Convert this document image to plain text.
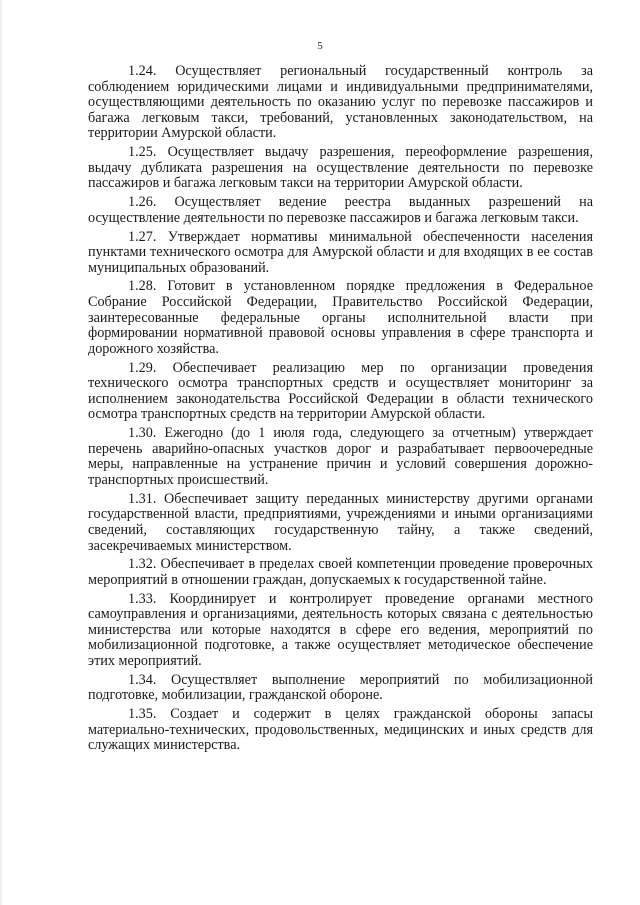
5

1.24. Осуществляет региональный государственный контроль за соблюдением юридическими лицами и индивидуальными предпринимателями, осуществляющими деятельность по оказанию услуг по перевозке пассажиров и багажа легковым такси, требований, установленных законодательством, на территории Амурской области.

1.25. Осуществляет выдачу разрешения, переоформление разрешения, выдачу дубликата разрешения на осуществление деятельности по перевозке пассажиров и багажа легковым такси на территории Амурской области.

1.26. Осуществляет ведение реестра выданных разрешений на осуществление деятельности по перевозке пассажиров и багажа легковым такси.

1.27. Утверждает нормативы минимальной обеспеченности населения пунктами технического осмотра для Амурской области и для входящих в ее состав муниципальных образований.

1.28. Готовит в установленном порядке предложения в Федеральное Собрание Российской Федерации, Правительство Российской Федерации, заинтересованные федеральные органы исполнительной власти при формировании нормативной правовой основы управления в сфере транспорта и дорожного хозяйства.

1.29. Обеспечивает реализацию мер по организации проведения технического осмотра транспортных средств и осуществляет мониторинг за исполнением законодательства Российской Федерации в области технического осмотра транспортных средств на территории Амурской области.

1.30. Ежегодно (до 1 июля года, следующего за отчетным) утверждает перечень аварийно-опасных участков дорог и разрабатывает первоочередные меры, направленные на устранение причин и условий совершения дорожно-транспортных происшествий.

1.31. Обеспечивает защиту переданных министерству другими органами государственной власти, предприятиями, учреждениями и иными организациями сведений, составляющих государственную тайну, а также сведений, засекречиваемых министерством.

1.32. Обеспечивает в пределах своей компетенции проведение проверочных мероприятий в отношении граждан, допускаемых к государственной тайне.

1.33. Координирует и контролирует проведение органами местного самоуправления и организациями, деятельность которых связана с деятельностью министерства или которые находятся в сфере его ведения, мероприятий по мобилизационной подготовке, а также осуществляет методическое обеспечение этих мероприятий.

1.34. Осуществляет выполнение мероприятий по мобилизационной подготовке, мобилизации, гражданской обороне.

1.35. Создает и содержит в целях гражданской обороны запасы материально-технических, продовольственных, медицинских и иных средств для служащих министерства.
